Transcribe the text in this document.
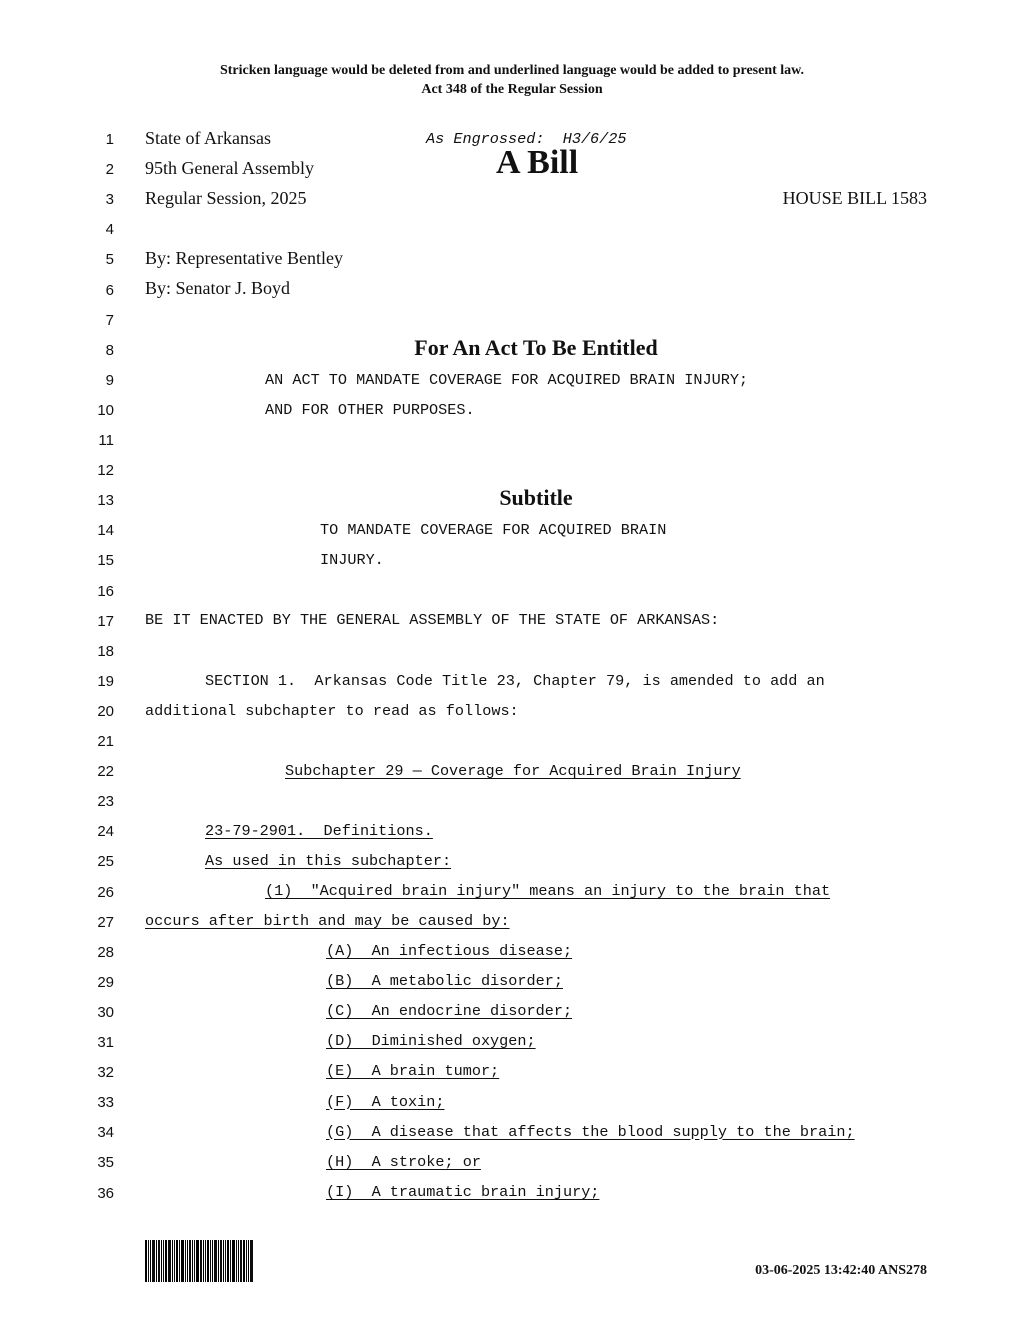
Stricken language would be deleted from and underlined language would be added to present law.
Act 348 of the Regular Session
1
2
3
4
5
6
7
8
9
10
11
12
13
14
15
16
17
18
19
20
21
22
23
24
25
26
27
28
29
30
31
32
33
34
35
36
State of Arkansas	As Engrossed:  H3/6/25
95th General Assembly	A Bill
Regular Session, 2025	HOUSE BILL 1583
By: Representative Bentley
By: Senator J. Boyd
For An Act To Be Entitled
AN ACT TO MANDATE COVERAGE FOR ACQUIRED BRAIN INJURY;
AND FOR OTHER PURPOSES.
Subtitle
TO MANDATE COVERAGE FOR ACQUIRED BRAIN
INJURY.
BE IT ENACTED BY THE GENERAL ASSEMBLY OF THE STATE OF ARKANSAS:
SECTION 1.  Arkansas Code Title 23, Chapter 79, is amended to add an
additional subchapter to read as follows:
Subchapter 29 — Coverage for Acquired Brain Injury
23-79-2901.  Definitions.
As used in this subchapter:
(1)  "Acquired brain injury" means an injury to the brain that
occurs after birth and may be caused by:
(A)  An infectious disease;
(B)  A metabolic disorder;
(C)  An endocrine disorder;
(D)  Diminished oxygen;
(E)  A brain tumor;
(F)  A toxin;
(G)  A disease that affects the blood supply to the brain;
(H)  A stroke; or
(I)  A traumatic brain injury;
03-06-2025 13:42:40 ANS278
